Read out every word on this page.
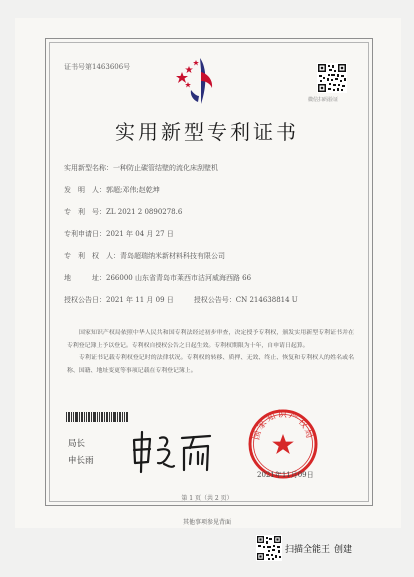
证书号第1463606号
微信扫码验证
实用新型专利证书
实用新型名称：一种防止碳管结壁的流化床刮壁机
发　明　人：郭超;邓伟;赵乾坤
专　利　号：ZL 2021 2 0890278.6
专利申请日：2021 年 04 月 27 日
专　利　权　人：青岛超瑞纳米新材料科技有限公司
地　　　址：266000 山东省青岛市莱西市沽河威海西路 66
授权公告日：2021 年 11 月 09 日	授权公告号：CN 214638814 U

国家知识产权局依照中华人民共和国专利法经过初步审查，决定授予专利权，颁发实用新型专利证书并在专利登记簿上予以登记。专利权自授权公告之日起生效。专利权期限为十年，自申请日起算。

专利证书记载专利权登记时的法律状况。专利权的转移、质押、无效、终止、恢复和专利权人的姓名或名称、国籍、地址变更等事项记载在专利登记簿上。

局长
申长雨
国家知识产权局
2021年11月09日
第 1 页（共 2 页）
其他事项参见背面
扫描全能王 创建
